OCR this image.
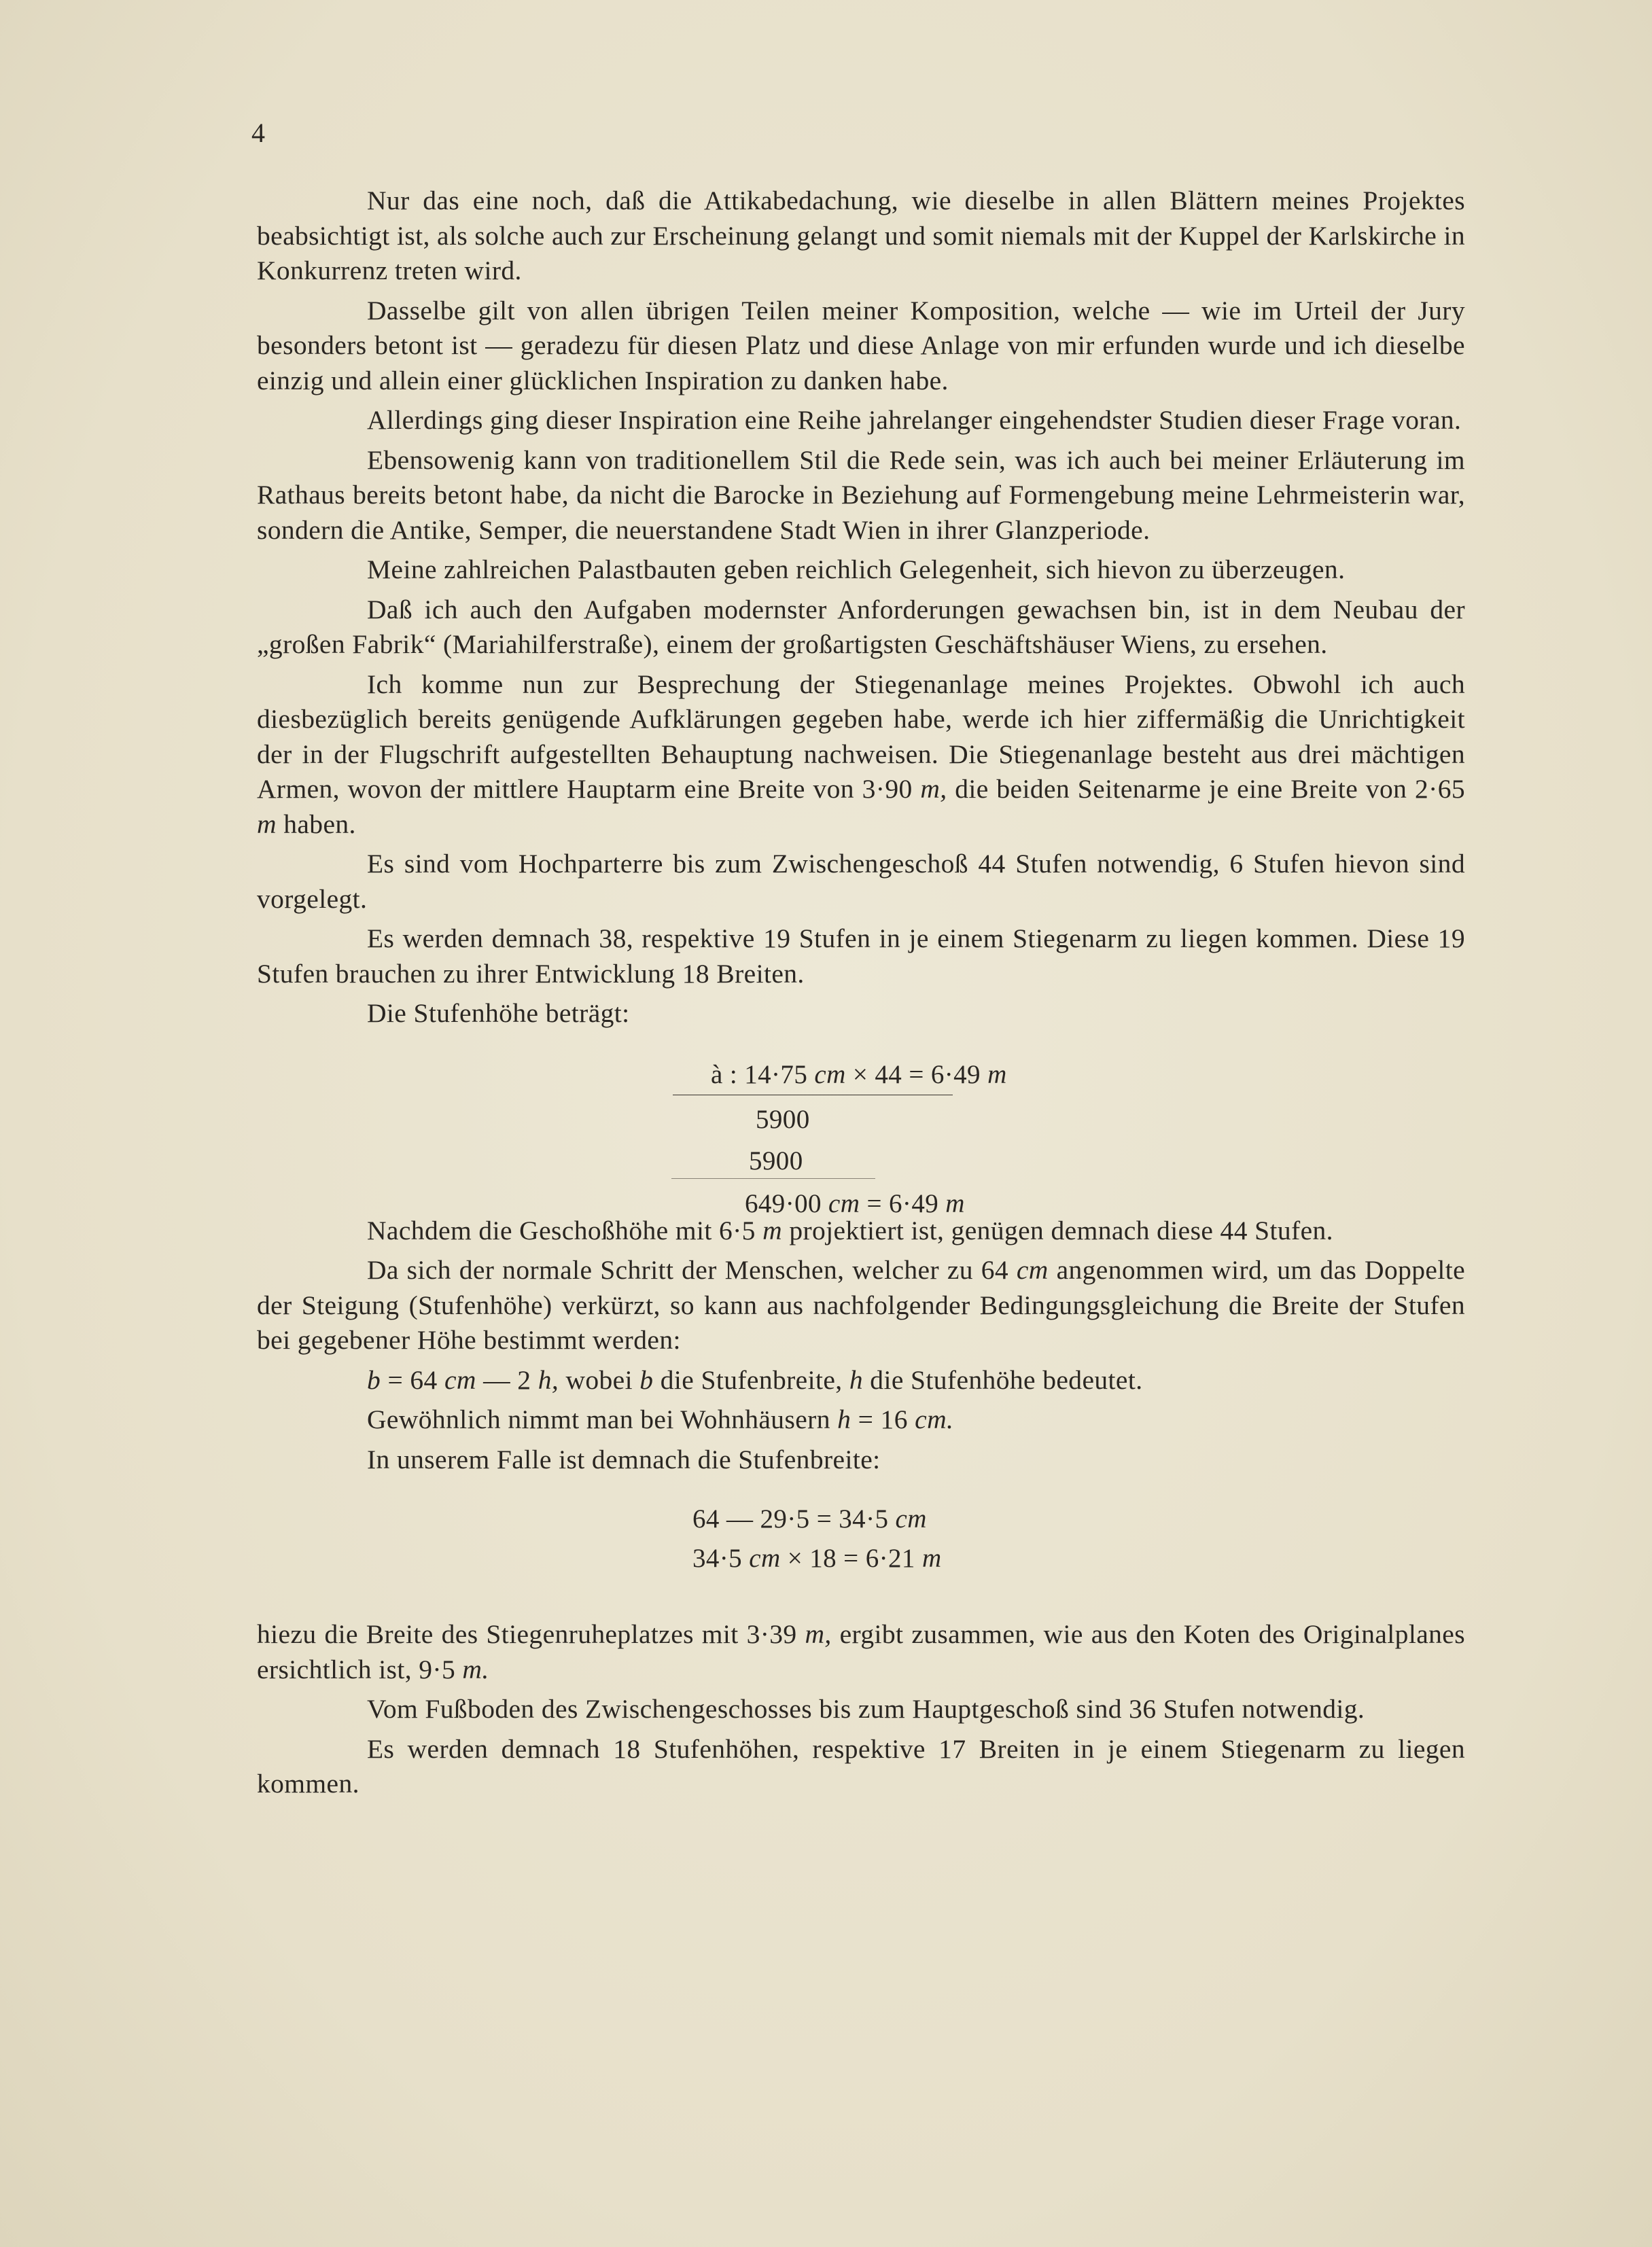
4

Nur das eine noch, daß die Attikabedachung, wie dieselbe in allen Blättern meines Projektes beabsichtigt ist, als solche auch zur Erscheinung gelangt und somit niemals mit der Kuppel der Karlskirche in Konkurrenz treten wird.

Dasselbe gilt von allen übrigen Teilen meiner Komposition, welche — wie im Urteil der Jury besonders betont ist — geradezu für diesen Platz und diese Anlage von mir erfunden wurde und ich dieselbe einzig und allein einer glücklichen Inspiration zu danken habe.

Allerdings ging dieser Inspiration eine Reihe jahrelanger eingehendster Studien dieser Frage voran.

Ebensowenig kann von traditionellem Stil die Rede sein, was ich auch bei meiner Erläuterung im Rathaus bereits betont habe, da nicht die Barocke in Beziehung auf Formengebung meine Lehrmeisterin war, sondern die Antike, Semper, die neuerstandene Stadt Wien in ihrer Glanzperiode.

Meine zahlreichen Palastbauten geben reichlich Gelegenheit, sich hievon zu überzeugen.

Daß ich auch den Aufgaben modernster Anforderungen gewachsen bin, ist in dem Neubau der „großen Fabrik“ (Mariahilferstraße), einem der großartigsten Geschäftshäuser Wiens, zu ersehen.

Ich komme nun zur Besprechung der Stiegenanlage meines Projektes. Obwohl ich auch diesbezüglich bereits genügende Aufklärungen gegeben habe, werde ich hier ziffermäßig die Unrichtigkeit der in der Flugschrift aufgestellten Behauptung nachweisen. Die Stiegenanlage besteht aus drei mächtigen Armen, wovon der mittlere Hauptarm eine Breite von 3·90 m, die beiden Seitenarme je eine Breite von 2·65 m haben.

Es sind vom Hochparterre bis zum Zwischengeschoß 44 Stufen notwendig, 6 Stufen hievon sind vorgelegt.

Es werden demnach 38, respektive 19 Stufen in je einem Stiegenarm zu liegen kommen. Diese 19 Stufen brauchen zu ihrer Entwicklung 18 Breiten.

Die Stufenhöhe beträgt:

à : 14·75 cm × 44 = 6·49 m
5900
5900
649·00 cm = 6·49 m

Nachdem die Geschoßhöhe mit 6·5 m projektiert ist, genügen demnach diese 44 Stufen.

Da sich der normale Schritt der Menschen, welcher zu 64 cm angenommen wird, um das Doppelte der Steigung (Stufenhöhe) verkürzt, so kann aus nachfolgender Bedingungsgleichung die Breite der Stufen bei gegebener Höhe bestimmt werden:

b = 64 cm — 2 h, wobei b die Stufenbreite, h die Stufenhöhe bedeutet.

Gewöhnlich nimmt man bei Wohnhäusern h = 16 cm.

In unserem Falle ist demnach die Stufenbreite:

64 — 29·5 = 34·5 cm
34·5 cm × 18 = 6·21 m

hiezu die Breite des Stiegenruheplatzes mit 3·39 m, ergibt zusammen, wie aus den Koten des Originalplanes ersichtlich ist, 9·5 m.

Vom Fußboden des Zwischengeschosses bis zum Hauptgeschoß sind 36 Stufen notwendig.

Es werden demnach 18 Stufenhöhen, respektive 17 Breiten in je einem Stiegenarm zu liegen kommen.
